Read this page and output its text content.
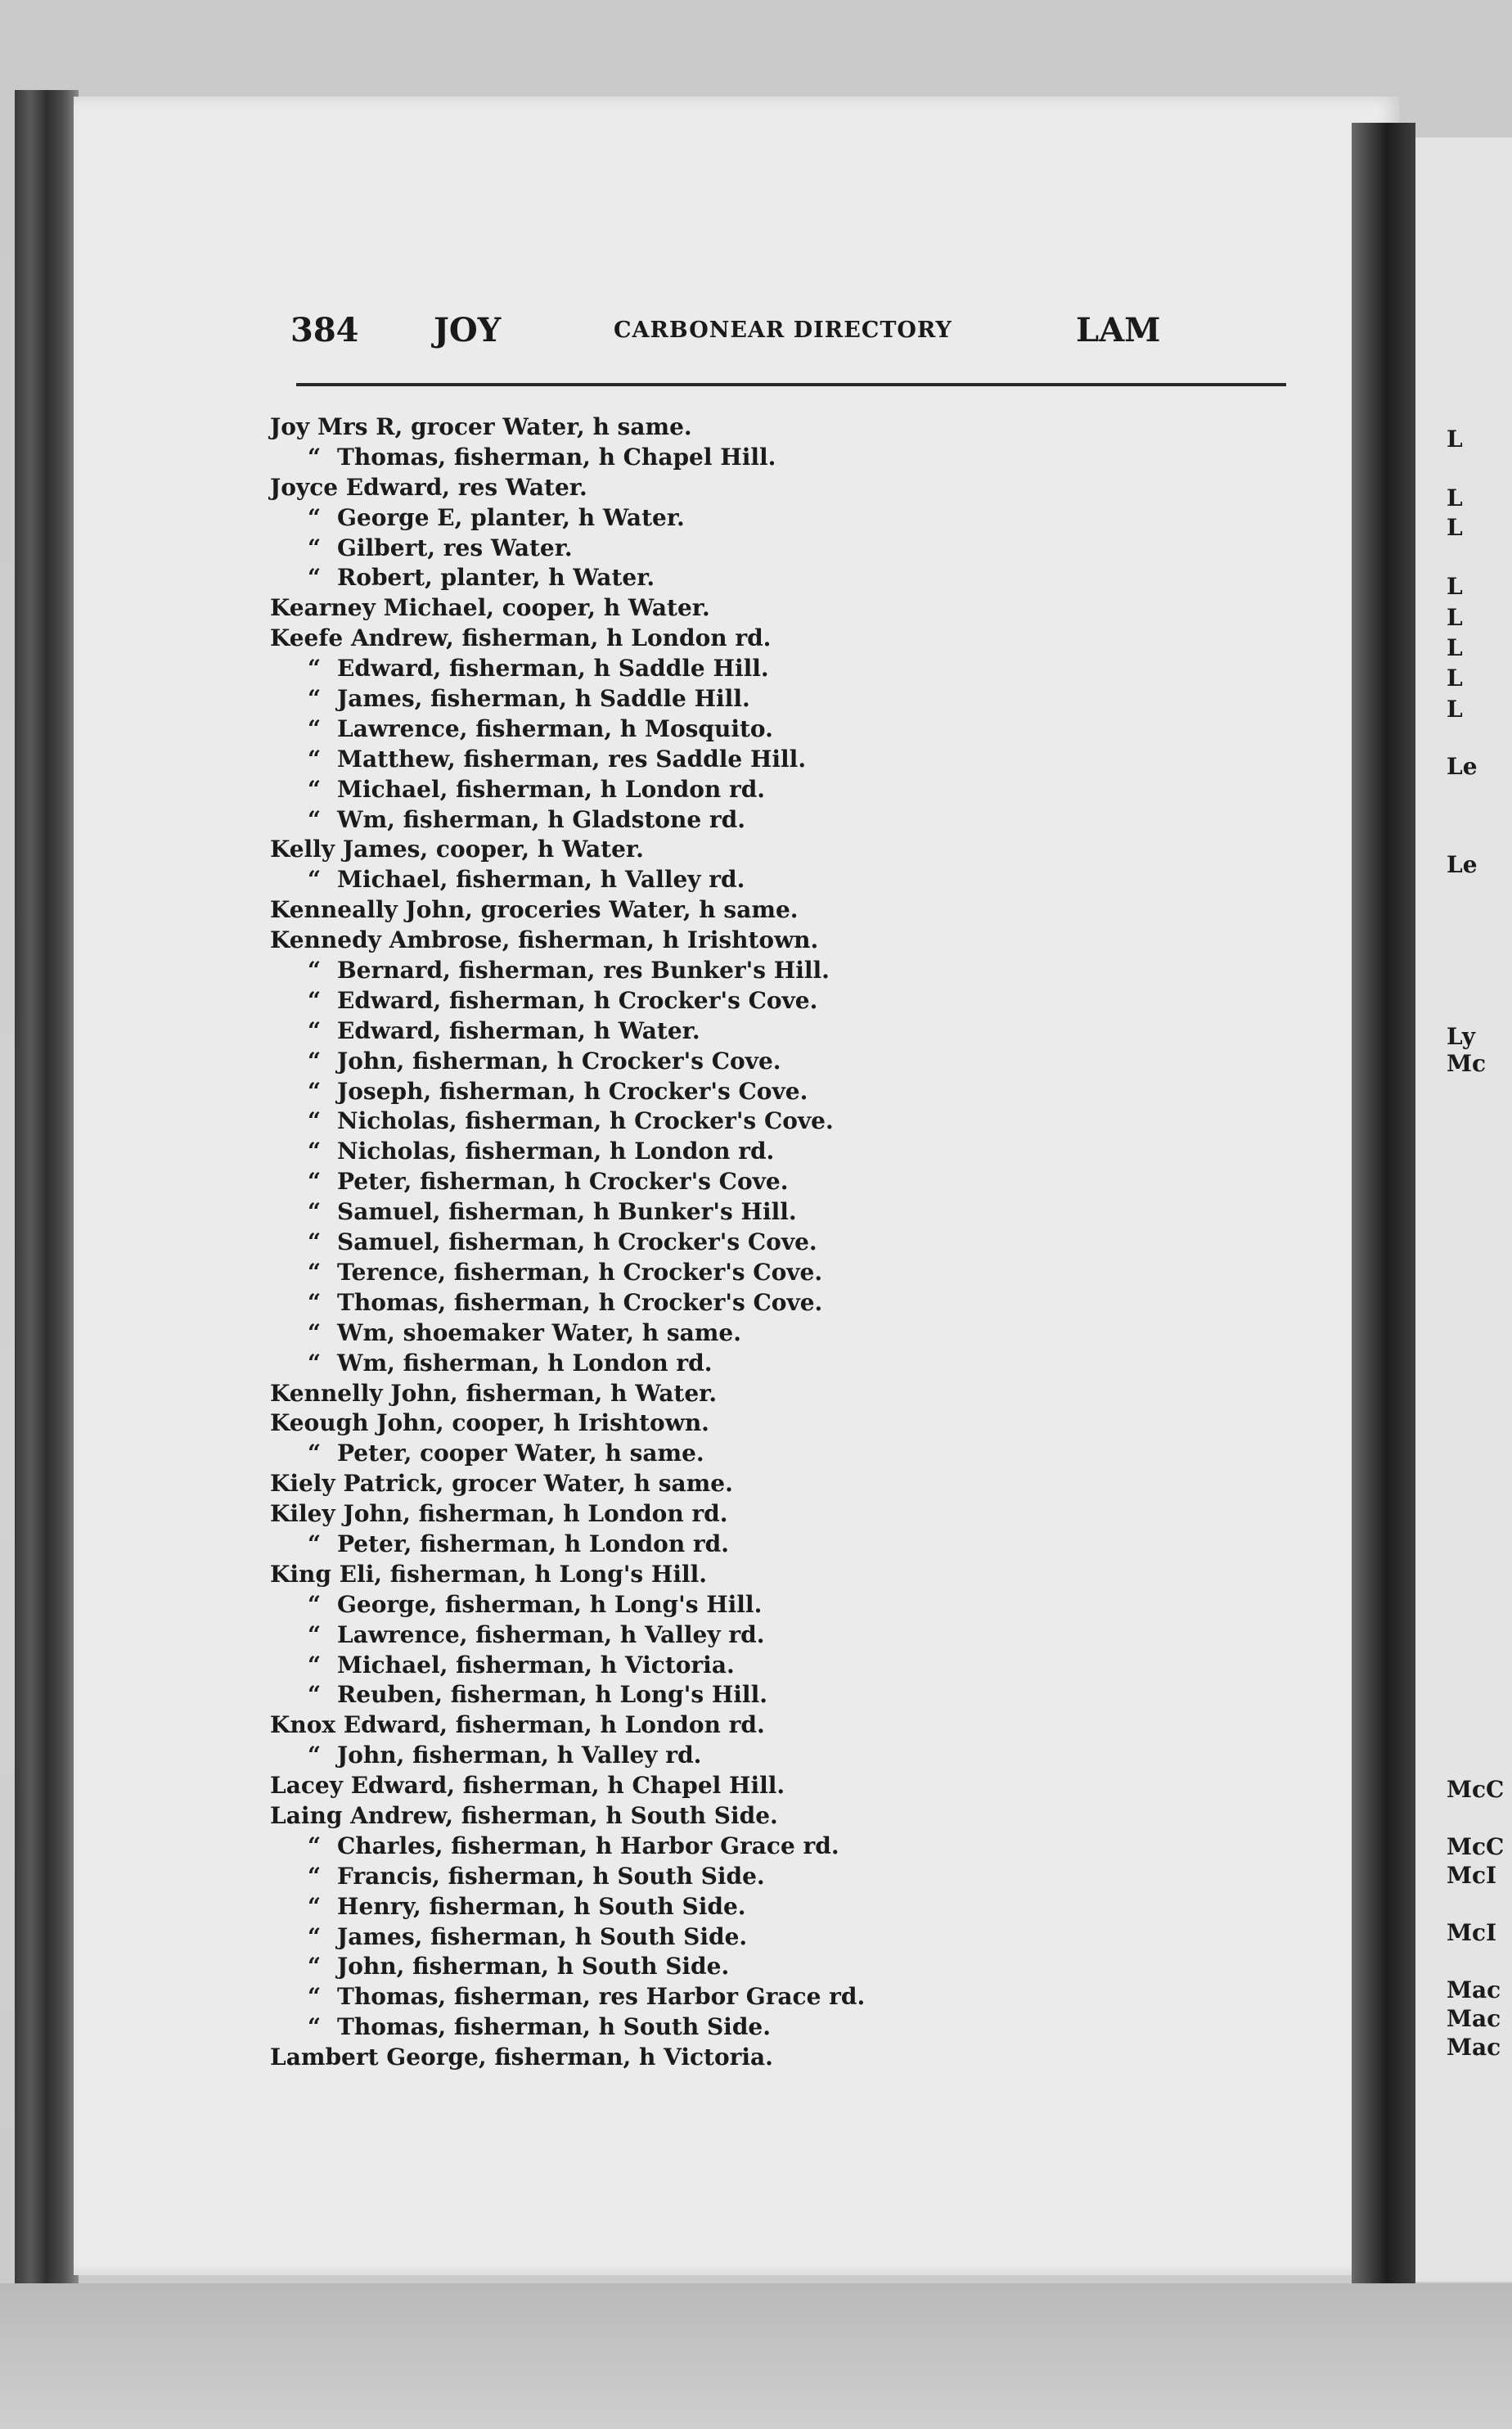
384 JOY	CARBONEAR DIRECTORY	LAM
Joy Mrs R, grocer Water, h same.
“ Thomas, fisherman, h Chapel Hill.
Joyce Edward, res Water.
“ George E, planter, h Water.
“ Gilbert, res Water.
“ Robert, planter, h Water.
Kearney Michael, cooper, h Water.
Keefe Andrew, fisherman, h London rd.
“ Edward, fisherman, h Saddle Hill.
“ James, fisherman, h Saddle Hill.
“ Lawrence, fisherman, h Mosquito.
“ Matthew, fisherman, res Saddle Hill.
“ Michael, fisherman, h London rd.
“ Wm, fisherman, h Gladstone rd.
Kelly James, cooper, h Water.
“ Michael, fisherman, h Valley rd.
Kenneally John, groceries Water, h same.
Kennedy Ambrose, fisherman, h Irishtown.
“ Bernard, fisherman, res Bunker's Hill.
“ Edward, fisherman, h Crocker's Cove.
“ Edward, fisherman, h Water.
“ John, fisherman, h Crocker's Cove.
“ Joseph, fisherman, h Crocker's Cove.
“ Nicholas, fisherman, h Crocker's Cove.
“ Nicholas, fisherman, h London rd.
“ Peter, fisherman, h Crocker's Cove.
“ Samuel, fisherman, h Bunker's Hill.
“ Samuel, fisherman, h Crocker's Cove.
“ Terence, fisherman, h Crocker's Cove.
“ Thomas, fisherman, h Crocker's Cove.
“ Wm, shoemaker Water, h same.
“ Wm, fisherman, h London rd.
Kennelly John, fisherman, h Water.
Keough John, cooper, h Irishtown.
“ Peter, cooper Water, h same.
Kiely Patrick, grocer Water, h same.
Kiley John, fisherman, h London rd.
“ Peter, fisherman, h London rd.
King Eli, fisherman, h Long's Hill.
“ George, fisherman, h Long's Hill.
“ Lawrence, fisherman, h Valley rd.
“ Michael, fisherman, h Victoria.
“ Reuben, fisherman, h Long's Hill.
Knox Edward, fisherman, h London rd.
“ John, fisherman, h Valley rd.
Lacey Edward, fisherman, h Chapel Hill.
Laing Andrew, fisherman, h South Side.
“ Charles, fisherman, h Harbor Grace rd.
“ Francis, fisherman, h South Side.
“ Henry, fisherman, h South Side.
“ James, fisherman, h South Side.
“ John, fisherman, h South Side.
“ Thomas, fisherman, res Harbor Grace rd.
“ Thomas, fisherman, h South Side.
Lambert George, fisherman, h Victoria.
L
L
L
L
L
L
L
L
Le
Le
Ly
Mc
McC
McC
McI
McI
Mac
Mac
Mac
